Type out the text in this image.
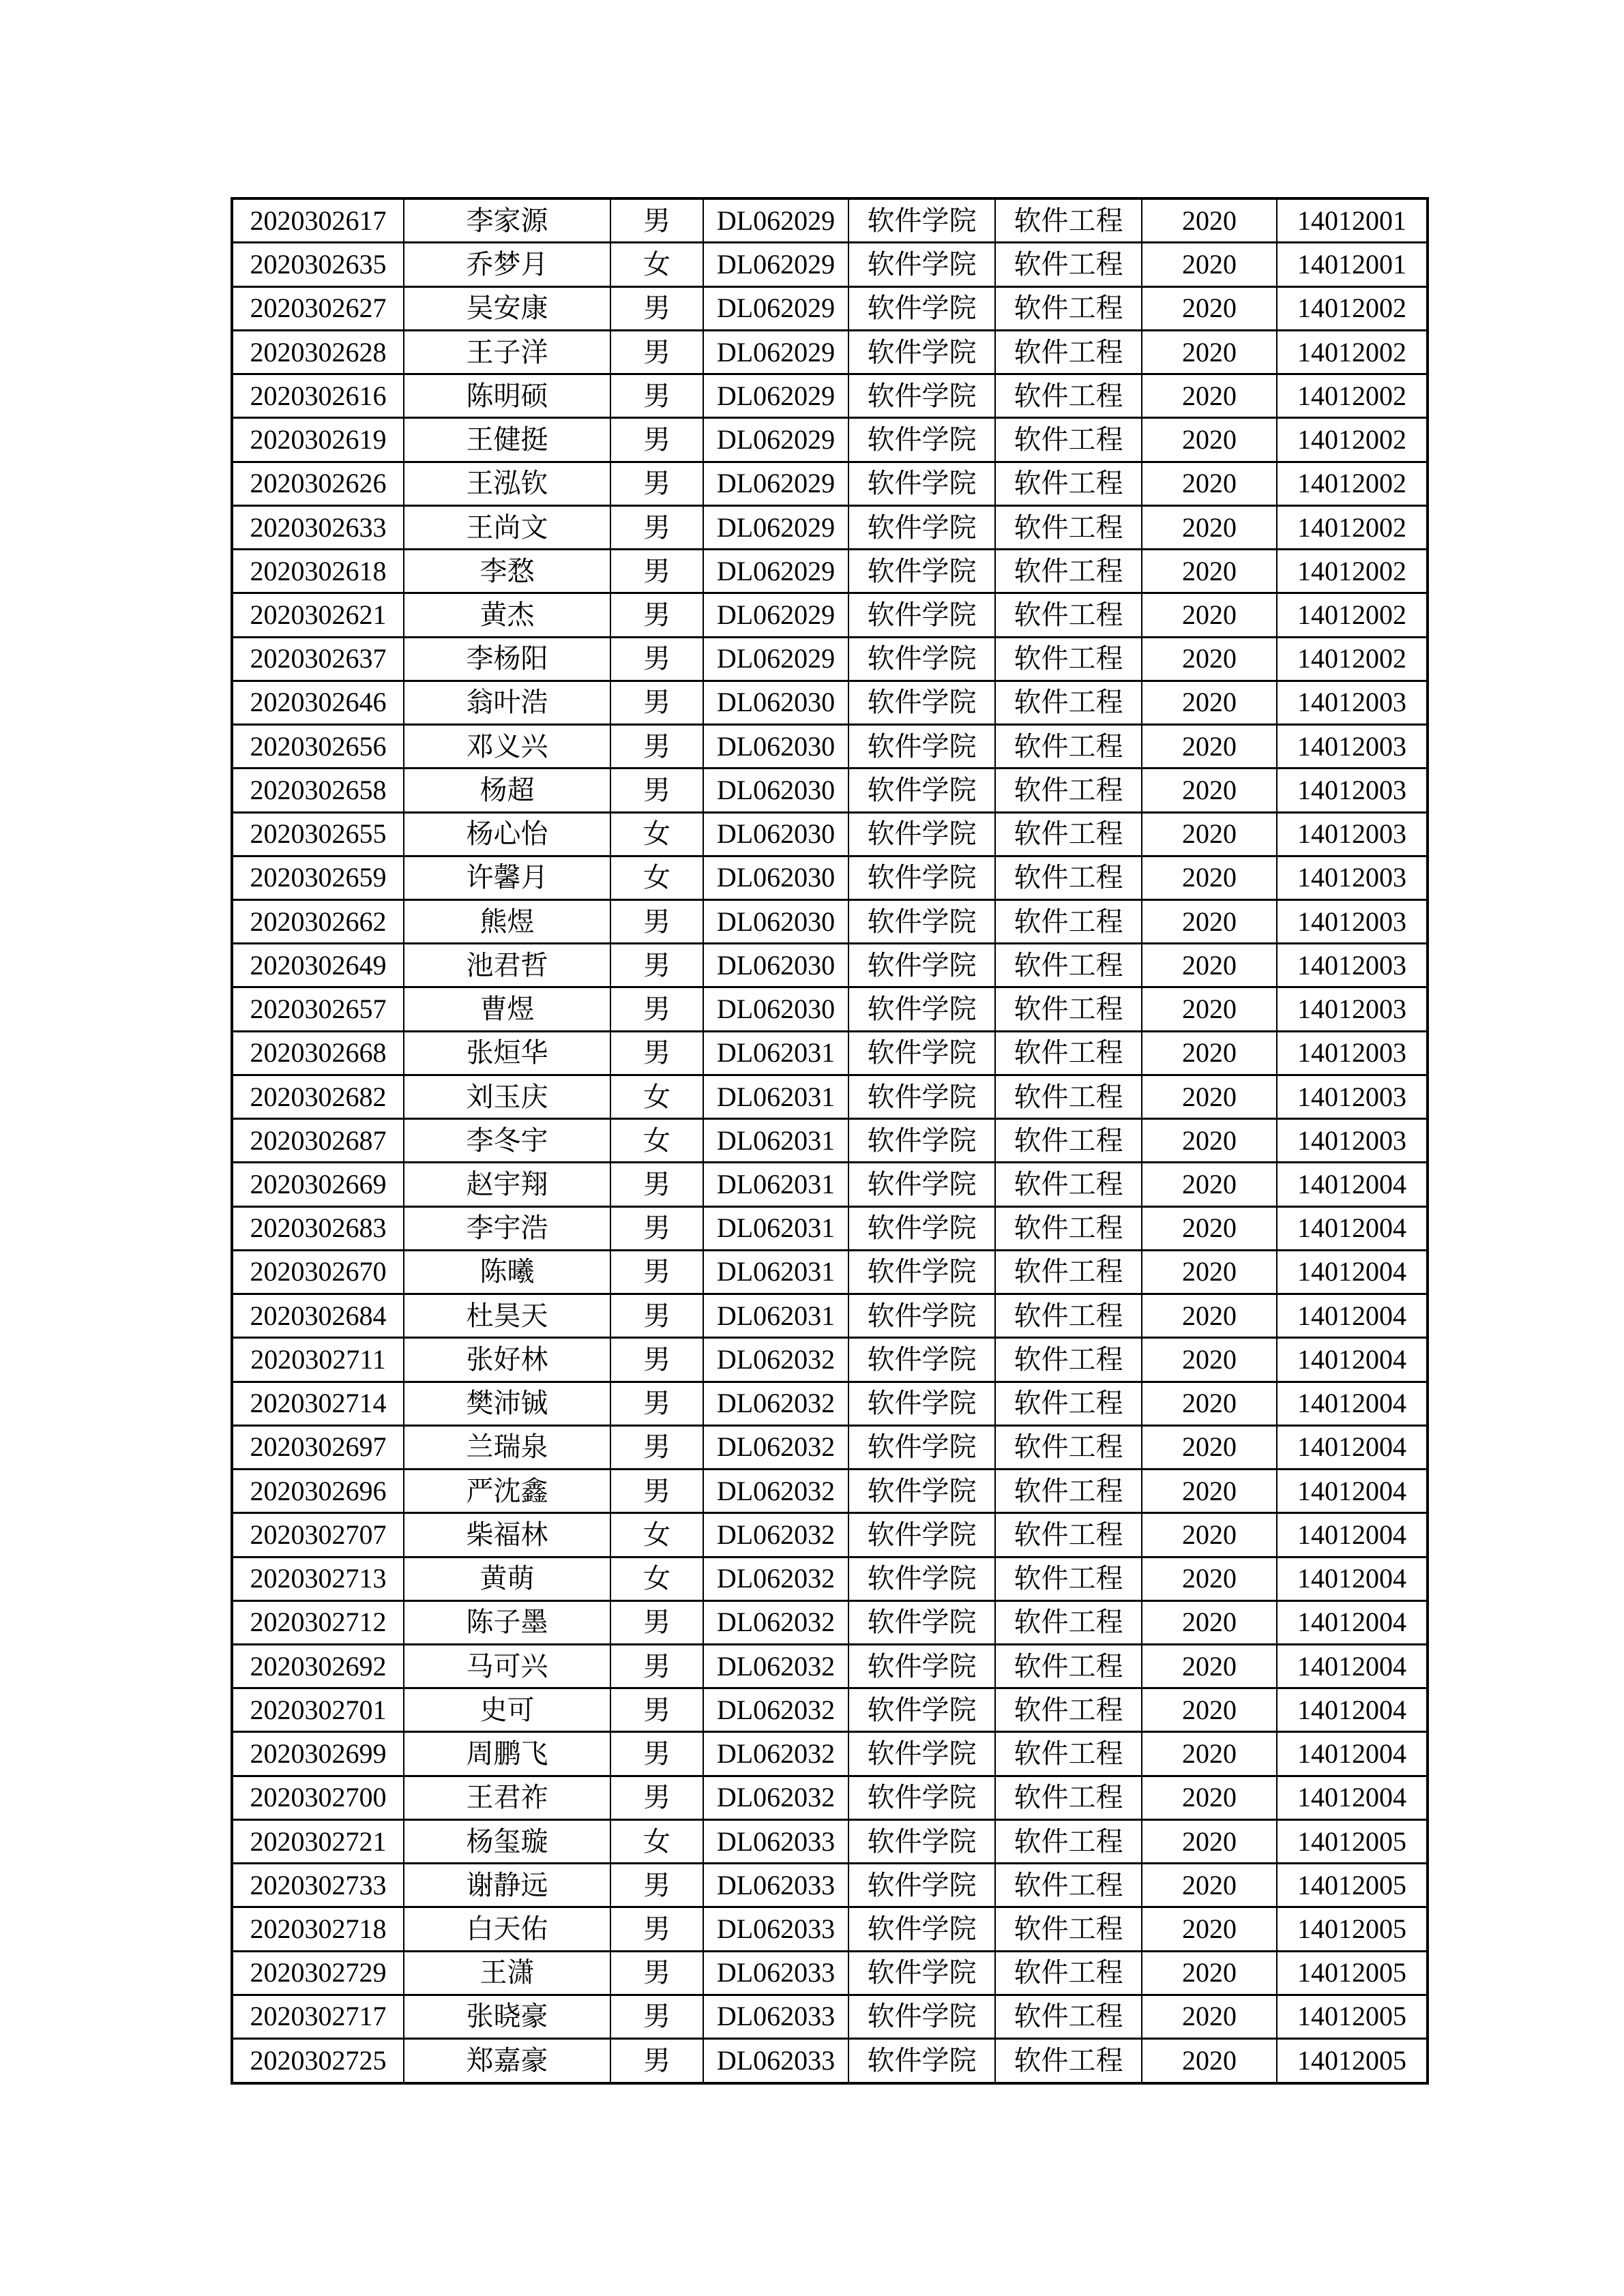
2020302617	李家源	男	DL062029	软件学院	软件工程	2020	14012001
2020302635	乔梦月	女	DL062029	软件学院	软件工程	2020	14012001
2020302627	吴安康	男	DL062029	软件学院	软件工程	2020	14012002
2020302628	王子洋	男	DL062029	软件学院	软件工程	2020	14012002
2020302616	陈明硕	男	DL062029	软件学院	软件工程	2020	14012002
2020302619	王健挺	男	DL062029	软件学院	软件工程	2020	14012002
2020302626	王泓钦	男	DL062029	软件学院	软件工程	2020	14012002
2020302633	王尚文	男	DL062029	软件学院	软件工程	2020	14012002
2020302618	李愗	男	DL062029	软件学院	软件工程	2020	14012002
2020302621	黄杰	男	DL062029	软件学院	软件工程	2020	14012002
2020302637	李杨阳	男	DL062029	软件学院	软件工程	2020	14012002
2020302646	翁叶浩	男	DL062030	软件学院	软件工程	2020	14012003
2020302656	邓义兴	男	DL062030	软件学院	软件工程	2020	14012003
2020302658	杨超	男	DL062030	软件学院	软件工程	2020	14012003
2020302655	杨心怡	女	DL062030	软件学院	软件工程	2020	14012003
2020302659	许馨月	女	DL062030	软件学院	软件工程	2020	14012003
2020302662	熊煜	男	DL062030	软件学院	软件工程	2020	14012003
2020302649	池君哲	男	DL062030	软件学院	软件工程	2020	14012003
2020302657	曹煜	男	DL062030	软件学院	软件工程	2020	14012003
2020302668	张烜华	男	DL062031	软件学院	软件工程	2020	14012003
2020302682	刘玉庆	女	DL062031	软件学院	软件工程	2020	14012003
2020302687	李冬宇	女	DL062031	软件学院	软件工程	2020	14012003
2020302669	赵宇翔	男	DL062031	软件学院	软件工程	2020	14012004
2020302683	李宇浩	男	DL062031	软件学院	软件工程	2020	14012004
2020302670	陈曦	男	DL062031	软件学院	软件工程	2020	14012004
2020302684	杜昊天	男	DL062031	软件学院	软件工程	2020	14012004
2020302711	张好林	男	DL062032	软件学院	软件工程	2020	14012004
2020302714	樊沛铖	男	DL062032	软件学院	软件工程	2020	14012004
2020302697	兰瑞泉	男	DL062032	软件学院	软件工程	2020	14012004
2020302696	严沈鑫	男	DL062032	软件学院	软件工程	2020	14012004
2020302707	柴福林	女	DL062032	软件学院	软件工程	2020	14012004
2020302713	黄萌	女	DL062032	软件学院	软件工程	2020	14012004
2020302712	陈子墨	男	DL062032	软件学院	软件工程	2020	14012004
2020302692	马可兴	男	DL062032	软件学院	软件工程	2020	14012004
2020302701	史可	男	DL062032	软件学院	软件工程	2020	14012004
2020302699	周鹏飞	男	DL062032	软件学院	软件工程	2020	14012004
2020302700	王君祚	男	DL062032	软件学院	软件工程	2020	14012004
2020302721	杨玺璇	女	DL062033	软件学院	软件工程	2020	14012005
2020302733	谢静远	男	DL062033	软件学院	软件工程	2020	14012005
2020302718	白天佑	男	DL062033	软件学院	软件工程	2020	14012005
2020302729	王潇	男	DL062033	软件学院	软件工程	2020	14012005
2020302717	张晓豪	男	DL062033	软件学院	软件工程	2020	14012005
2020302725	郑嘉豪	男	DL062033	软件学院	软件工程	2020	14012005
